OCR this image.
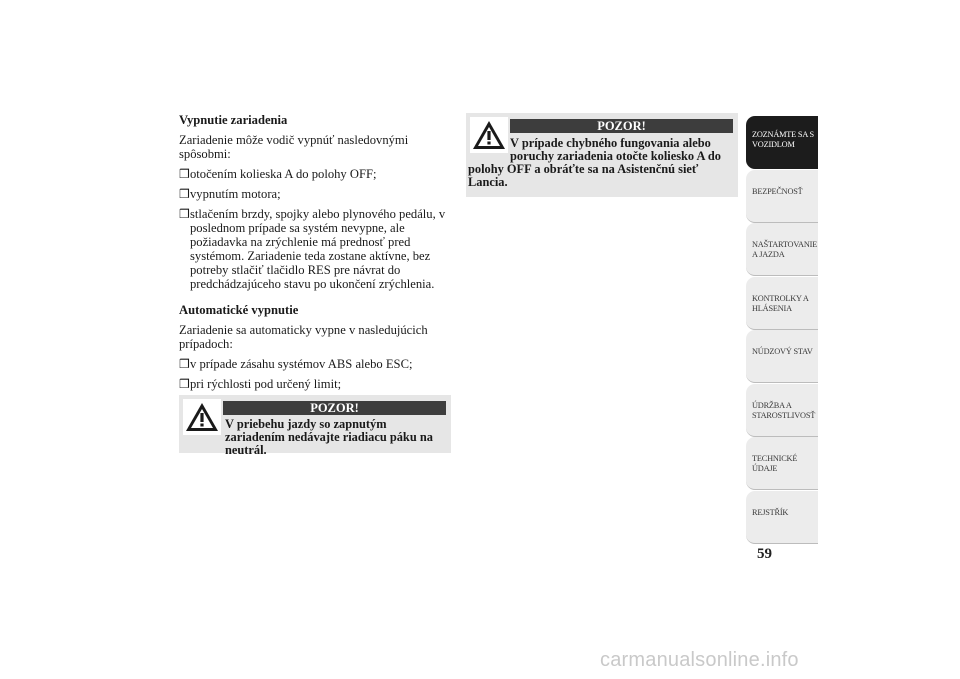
Vypnutie zariadenia
Zariadenie môže vodič vypnúť nasledovnými spôsobmi:
❒ otočením kolieska A do polohy OFF;
❒ vypnutím motora;
❒ stlačením brzdy, spojky alebo plynového pedálu, v poslednom prípade sa systém nevypne, ale požiadavka na zrýchlenie má prednosť pred systémom. Zariadenie teda zostane aktívne, bez potreby stlačiť tlačidlo RES pre návrat do predchádzajúceho stavu po ukončení zrýchlenia.
Automatické vypnutie
Zariadenie sa automaticky vypne v nasledujúcich prípadoch:
❒ v prípade zásahu systémov ABS alebo ESC;
❒ pri rýchlosti pod určený limit;
POZOR!
V priebehu jazdy so zapnutým zariadením nedávajte riadiacu páku na neutrál.
POZOR!
V prípade chybného fungovania alebo poruchy zariadenia otočte koliesko A do
polohy OFF a obráťte sa na Asistenčnú sieť Lancia.
ZOZNÁMTE SA S VOZIDLOM
BEZPEČNOSŤ
NAŠTARTOVANIE A JAZDA
KONTROLKY A HLÁSENIA
NÚDZOVÝ STAV
ÚDRŽBA A STAROSTLIVOSŤ
TECHNICKÉ ÚDAJE
REJSTŘÍK
59
carmanualsonline.info
